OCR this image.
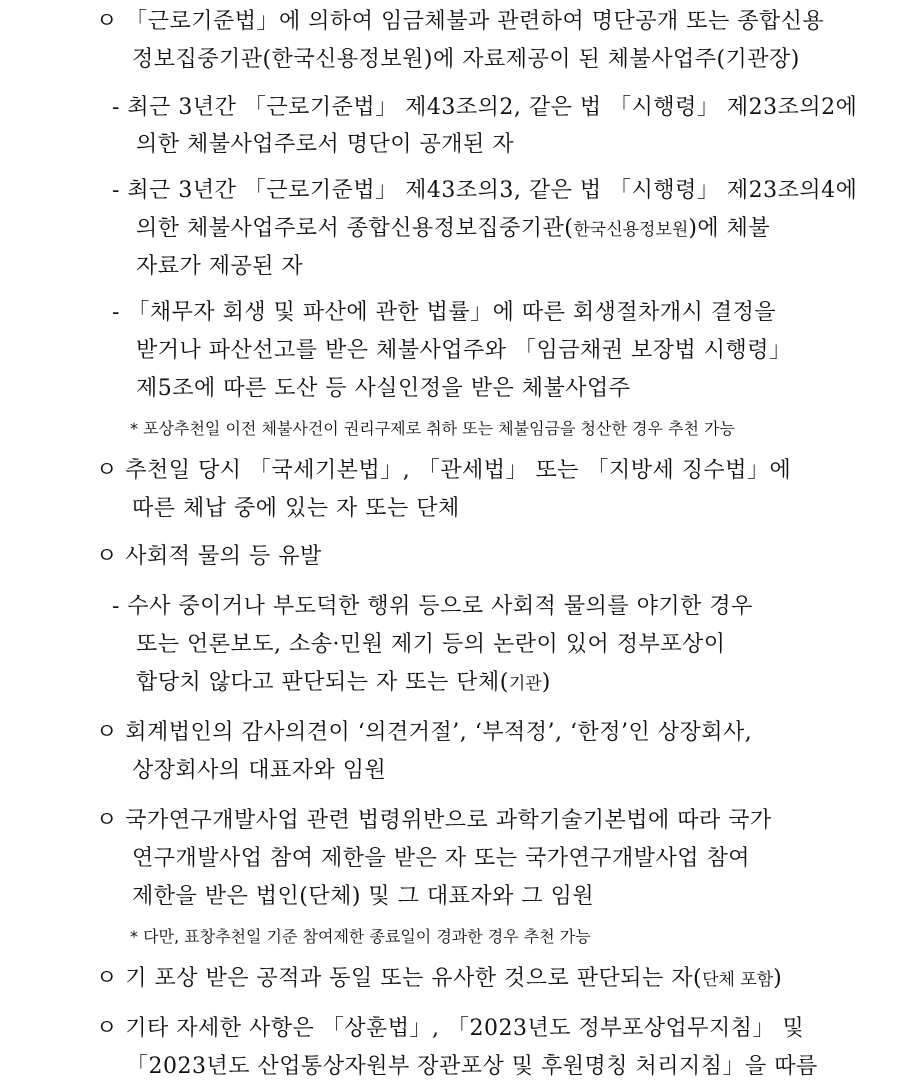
ㅇ 「근로기준법」에 의하여 임금체불과 관련하여 명단공개 또는 종합신용
정보집중기관(한국신용정보원)에 자료제공이 된 체불사업주(기관장)
- 최근 3년간 「근로기준법」 제43조의2, 같은 법 「시행령」 제23조의2에
의한 체불사업주로서 명단이 공개된 자
- 최근 3년간 「근로기준법」 제43조의3, 같은 법 「시행령」 제23조의4에
의한 체불사업주로서 종합신용정보집중기관(한국신용정보원)에 체불
자료가 제공된 자
- 「채무자 회생 및 파산에 관한 법률」에 따른 회생절차개시 결정을
받거나 파산선고를 받은 체불사업주와 「임금채권 보장법 시행령」
제5조에 따른 도산 등 사실인정을 받은 체불사업주
* 포상추천일 이전 체불사건이 권리구제로 취하 또는 체불임금을 청산한 경우 추천 가능
ㅇ 추천일 당시 「국세기본법」, 「관세법」 또는 「지방세 징수법」에
따른 체납 중에 있는 자 또는 단체
ㅇ 사회적 물의 등 유발
- 수사 중이거나 부도덕한 행위 등으로 사회적 물의를 야기한 경우
또는 언론보도, 소송·민원 제기 등의 논란이 있어 정부포상이
합당치 않다고 판단되는 자 또는 단체(기관)
ㅇ 회계법인의 감사의견이 ‘의견거절’, ‘부적정’, ‘한정’인 상장회사,
상장회사의 대표자와 임원
ㅇ 국가연구개발사업 관련 법령위반으로 과학기술기본법에 따라 국가
연구개발사업 참여 제한을 받은 자 또는 국가연구개발사업 참여
제한을 받은 법인(단체) 및 그 대표자와 그 임원
* 다만, 표창추천일 기준 참여제한 종료일이 경과한 경우 추천 가능
ㅇ 기 포상 받은 공적과 동일 또는 유사한 것으로 판단되는 자(단체 포함)
ㅇ 기타 자세한 사항은 「상훈법」, 「2023년도 정부포상업무지침」 및
「2023년도 산업통상자원부 장관포상 및 후원명칭 처리지침」을 따름
